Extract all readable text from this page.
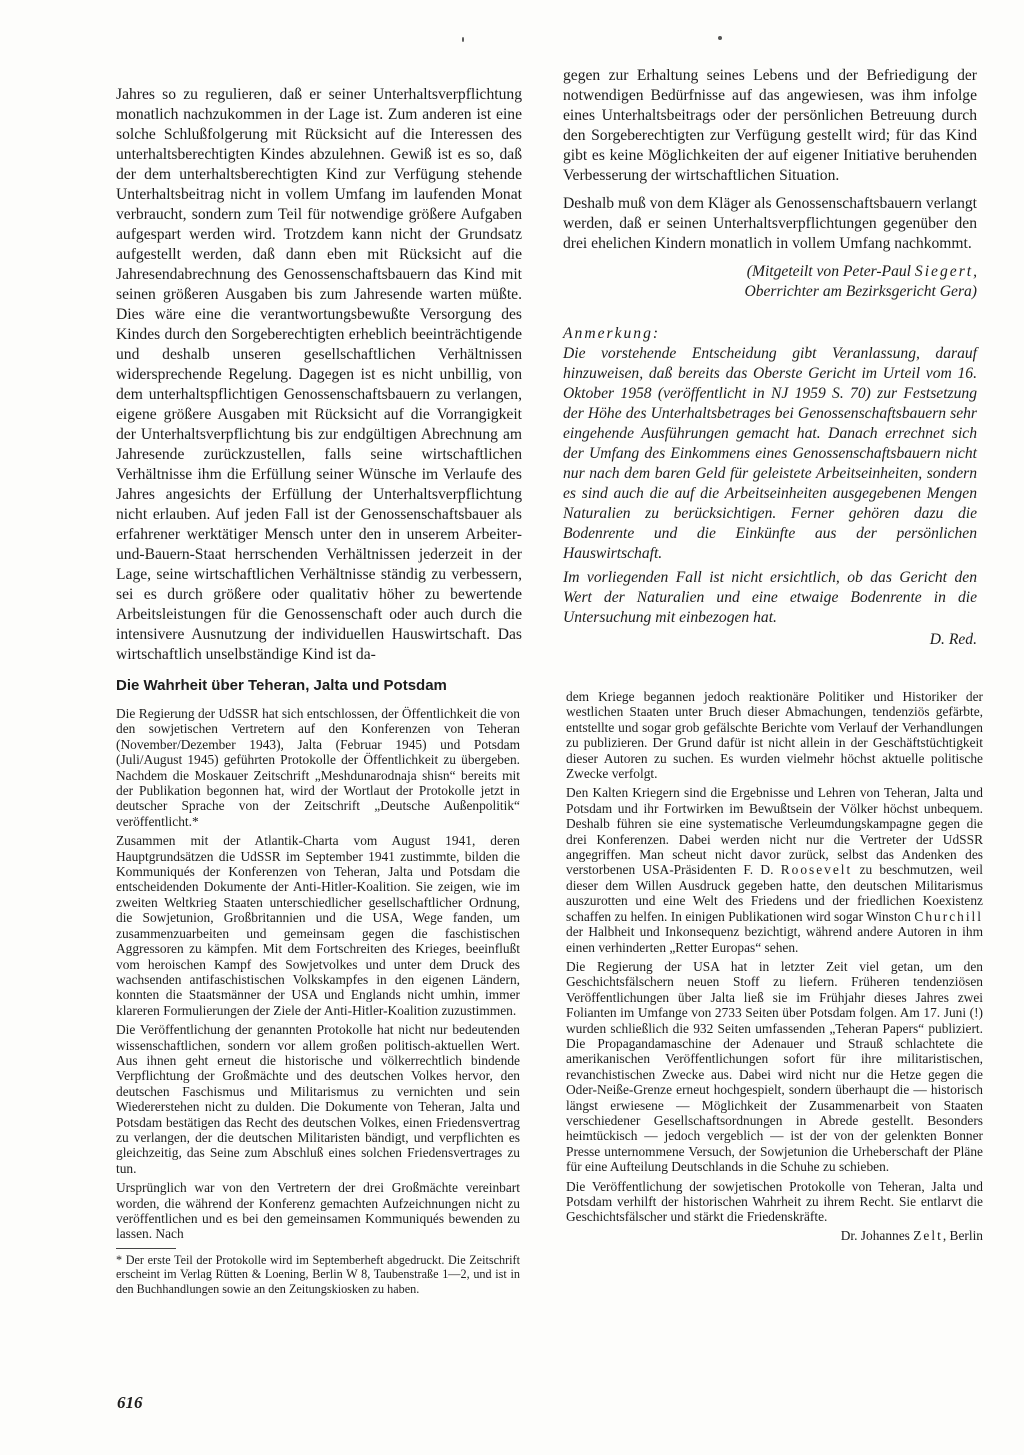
Jahres so zu regulieren, daß er seiner Unterhaltsverpflichtung monatlich nachzukommen in der Lage ist. Zum anderen ist eine solche Schlußfolgerung mit Rücksicht auf die Interessen des unterhaltsberechtigten Kindes abzulehnen. Gewiß ist es so, daß der dem unterhaltsberechtigten Kind zur Verfügung stehende Unterhaltsbeitrag nicht in vollem Umfang im laufenden Monat verbraucht, sondern zum Teil für notwendige größere Aufgaben aufgespart werden wird. Trotzdem kann nicht der Grundsatz aufgestellt werden, daß dann eben mit Rücksicht auf die Jahresendabrechnung des Genossenschaftsbauern das Kind mit seinen größeren Ausgaben bis zum Jahresende warten müßte. Dies wäre eine die verantwortungsbewußte Versorgung des Kindes durch den Sorgeberechtigten erheblich beeinträchtigende und deshalb unseren gesellschaftlichen Verhältnissen widersprechende Regelung. Dagegen ist es nicht unbillig, von dem unterhaltspflichtigen Genossenschaftsbauern zu verlangen, eigene größere Ausgaben mit Rücksicht auf die Vorrangigkeit der Unterhaltsverpflichtung bis zur endgültigen Abrechnung am Jahresende zurückzustellen, falls seine wirtschaftlichen Verhältnisse ihm die Erfüllung seiner Wünsche im Verlaufe des Jahres angesichts der Erfüllung der Unterhaltsverpflichtung nicht erlauben. Auf jeden Fall ist der Genossenschaftsbauer als erfahrener werktätiger Mensch unter den in unserem Arbeiter-und-Bauern-Staat herrschenden Verhältnissen jederzeit in der Lage, seine wirtschaftlichen Verhältnisse ständig zu verbessern, sei es durch größere oder qualitativ höher zu bewertende Arbeitsleistungen für die Genossenschaft oder auch durch die intensivere Ausnutzung der individuellen Hauswirtschaft. Das wirtschaftlich unselbständige Kind ist da-

gegen zur Erhaltung seines Lebens und der Befriedigung der notwendigen Bedürfnisse auf das angewiesen, was ihm infolge eines Unterhaltsbeitrags oder der persönlichen Betreuung durch den Sorgeberechtigten zur Verfügung gestellt wird; für das Kind gibt es keine Möglichkeiten der auf eigener Initiative beruhenden Verbesserung der wirtschaftlichen Situation.

Deshalb muß von dem Kläger als Genossenschaftsbauern verlangt werden, daß er seinen Unterhaltsverpflichtungen gegenüber den drei ehelichen Kindern monatlich in vollem Umfang nachkommt.

(Mitgeteilt von Peter-Paul Siegert,

Oberrichter am Bezirksgericht Gera)

Anmerkung:

Die vorstehende Entscheidung gibt Veranlassung, darauf hinzuweisen, daß bereits das Oberste Gericht im Urteil vom 16. Oktober 1958 (veröffentlicht in NJ 1959 S. 70) zur Festsetzung der Höhe des Unterhaltsbetrages bei Genossenschaftsbauern sehr eingehende Ausführungen gemacht hat. Danach errechnet sich der Umfang des Einkommens eines Genossenschaftsbauern nicht nur nach dem baren Geld für geleistete Arbeitseinheiten, sondern es sind auch die auf die Arbeitseinheiten ausgegebenen Mengen Naturalien zu berücksichtigen. Ferner gehören dazu die Bodenrente und die Einkünfte aus der persönlichen Hauswirtschaft.

Im vorliegenden Fall ist nicht ersichtlich, ob das Gericht den Wert der Naturalien und eine etwaige Bodenrente in die Untersuchung mit einbezogen hat.

D. Red.

Die Wahrheit über Teheran, Jalta und Potsdam

Die Regierung der UdSSR hat sich entschlossen, der Öffentlichkeit die von den sowjetischen Vertretern auf den Konferenzen von Teheran (November/Dezember 1943), Jalta (Februar 1945) und Potsdam (Juli/August 1945) geführten Protokolle der Öffentlichkeit zu übergeben. Nachdem die Moskauer Zeitschrift „Meshdunarodnaja shisn“ bereits mit der Publikation begonnen hat, wird der Wortlaut der Protokolle jetzt in deutscher Sprache von der Zeitschrift „Deutsche Außenpolitik“ veröffentlicht.*

Zusammen mit der Atlantik-Charta vom August 1941, deren Hauptgrundsätzen die UdSSR im September 1941 zustimmte, bilden die Kommuniqués der Konferenzen von Teheran, Jalta und Potsdam die entscheidenden Dokumente der Anti-Hitler-Koalition. Sie zeigen, wie im zweiten Weltkrieg Staaten unterschiedlicher gesellschaftlicher Ordnung, die Sowjetunion, Großbritannien und die USA, Wege fanden, um zusammenzuarbeiten und gemeinsam gegen die faschistischen Aggressoren zu kämpfen. Mit dem Fortschreiten des Krieges, beeinflußt vom heroischen Kampf des Sowjetvolkes und unter dem Druck des wachsenden antifaschistischen Volkskampfes in den eigenen Ländern, konnten die Staatsmänner der USA und Englands nicht umhin, immer klareren Formulierungen der Ziele der Anti-Hitler-Koalition zuzustimmen.

Die Veröffentlichung der genannten Protokolle hat nicht nur bedeutenden wissenschaftlichen, sondern vor allem großen politisch-aktuellen Wert. Aus ihnen geht erneut die historische und völkerrechtlich bindende Verpflichtung der Großmächte und des deutschen Volkes hervor, den deutschen Faschismus und Militarismus zu vernichten und sein Wiedererstehen nicht zu dulden. Die Dokumente von Teheran, Jalta und Potsdam bestätigen das Recht des deutschen Volkes, einen Friedensvertrag zu verlangen, der die deutschen Militaristen bändigt, und verpflichten es gleichzeitig, das Seine zum Abschluß eines solchen Friedensvertrages zu tun.

Ursprünglich war von den Vertretern der drei Großmächte vereinbart worden, die während der Konferenz gemachten Aufzeichnungen nicht zu veröffentlichen und es bei den gemeinsamen Kommuniqués bewenden zu lassen. Nach

* Der erste Teil der Protokolle wird im Septemberheft abgedruckt. Die Zeitschrift erscheint im Verlag Rütten & Loening, Berlin W 8, Taubenstraße 1—2, und ist in den Buchhandlungen sowie an den Zeitungskiosken zu haben.

dem Kriege begannen jedoch reaktionäre Politiker und Historiker der westlichen Staaten unter Bruch dieser Abmachungen, tendenziös gefärbte, entstellte und sogar grob gefälschte Berichte vom Verlauf der Verhandlungen zu publizieren. Der Grund dafür ist nicht allein in der Geschäftstüchtigkeit dieser Autoren zu suchen. Es wurden vielmehr höchst aktuelle politische Zwecke verfolgt.

Den Kalten Kriegern sind die Ergebnisse und Lehren von Teheran, Jalta und Potsdam und ihr Fortwirken im Bewußtsein der Völker höchst unbequem. Deshalb führen sie eine systematische Verleumdungskampagne gegen die drei Konferenzen. Dabei werden nicht nur die Vertreter der UdSSR angegriffen. Man scheut nicht davor zurück, selbst das Andenken des verstorbenen USA-Präsidenten F. D. Roosevelt zu beschmutzen, weil dieser dem Willen Ausdruck gegeben hatte, den deutschen Militarismus auszurotten und eine Welt des Friedens und der friedlichen Koexistenz schaffen zu helfen. In einigen Publikationen wird sogar Winston Churchill der Halbheit und Inkonsequenz bezichtigt, während andere Autoren in ihm einen verhinderten „Retter Europas“ sehen.

Die Regierung der USA hat in letzter Zeit viel getan, um den Geschichtsfälschern neuen Stoff zu liefern. Früheren tendenziösen Veröffentlichungen über Jalta ließ sie im Frühjahr dieses Jahres zwei Folianten im Umfange von 2733 Seiten über Potsdam folgen. Am 17. Juni (!) wurden schließlich die 932 Seiten umfassenden „Teheran Papers“ publiziert. Die Propagandamaschine der Adenauer und Strauß schlachtete die amerikanischen Veröffentlichungen sofort für ihre militaristischen, revanchistischen Zwecke aus. Dabei wird nicht nur die Hetze gegen die Oder-Neiße-Grenze erneut hochgespielt, sondern überhaupt die — historisch längst erwiesene — Möglichkeit der Zusammenarbeit von Staaten verschiedener Gesellschaftsordnungen in Abrede gestellt. Besonders heimtückisch — jedoch vergeblich — ist der von der gelenkten Bonner Presse unternommene Versuch, der Sowjetunion die Urheberschaft der Pläne für eine Aufteilung Deutschlands in die Schuhe zu schieben.

Die Veröffentlichung der sowjetischen Protokolle von Teheran, Jalta und Potsdam verhilft der historischen Wahrheit zu ihrem Recht. Sie entlarvt die Geschichtsfälscher und stärkt die Friedenskräfte.

Dr. Johannes Zelt, Berlin

616
